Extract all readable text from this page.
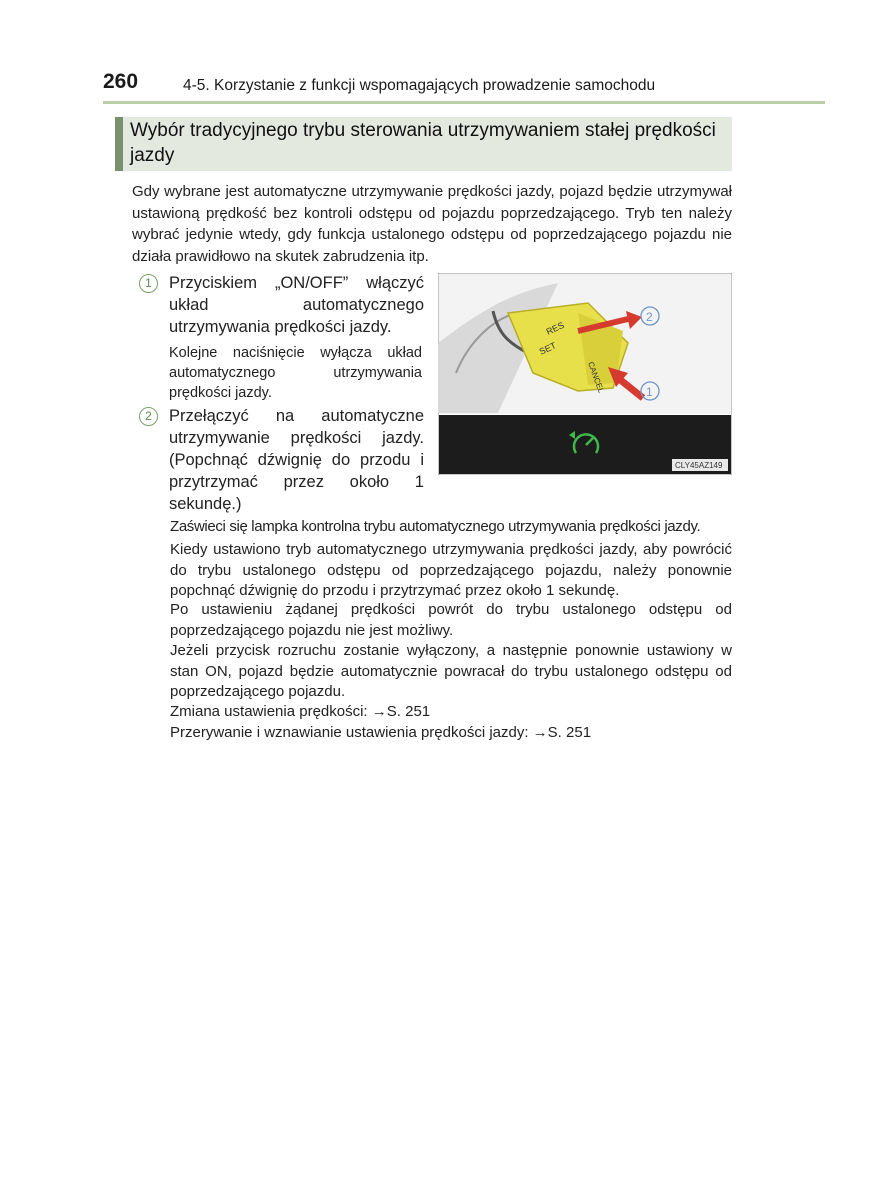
260	4-5. Korzystanie z funkcji wspomagających prowadzenie samochodu
Wybór tradycyjnego trybu sterowania utrzymywaniem stałej prędkości jazdy

Gdy wybrane jest automatyczne utrzymywanie prędkości jazdy, pojazd będzie utrzymywał ustawioną prędkość bez kontroli odstępu od pojazdu poprzedzającego. Tryb ten należy wybrać jedynie wtedy, gdy funkcja ustalonego odstępu od poprzedzającego pojazdu nie działa prawidłowo na skutek zabrudzenia itp.

1	Przyciskiem „ON/OFF” włączyć układ automatycznego utrzymywania prędkości jazdy.
Kolejne naciśnięcie wyłącza układ automatycznego utrzymywania prędkości jazdy.
2	Przełączyć na automatyczne utrzymywanie prędkości jazdy. (Popchnąć dźwignię do przodu i przytrzymać przez około 1 sekundę.)
RES
SET
CANCEL
2
1
CLY45AZ149

Zaświeci się lampka kontrolna trybu automatycznego utrzymywania prędkości jazdy.

Kiedy ustawiono tryb automatycznego utrzymywania prędkości jazdy, aby powrócić do trybu ustalonego odstępu od poprzedzającego pojazdu, należy ponownie popchnąć dźwignię do przodu i przytrzymać przez około 1 sekundę.

Po ustawieniu żądanej prędkości powrót do trybu ustalonego odstępu od poprzedzającego pojazdu nie jest możliwy.

Jeżeli przycisk rozruchu zostanie wyłączony, a następnie ponownie ustawiony w stan ON, pojazd będzie automatycznie powracał do trybu ustalonego odstępu od poprzedzającego pojazdu.

Zmiana ustawienia prędkości: →S. 251

Przerywanie i wznawianie ustawienia prędkości jazdy: →S. 251
